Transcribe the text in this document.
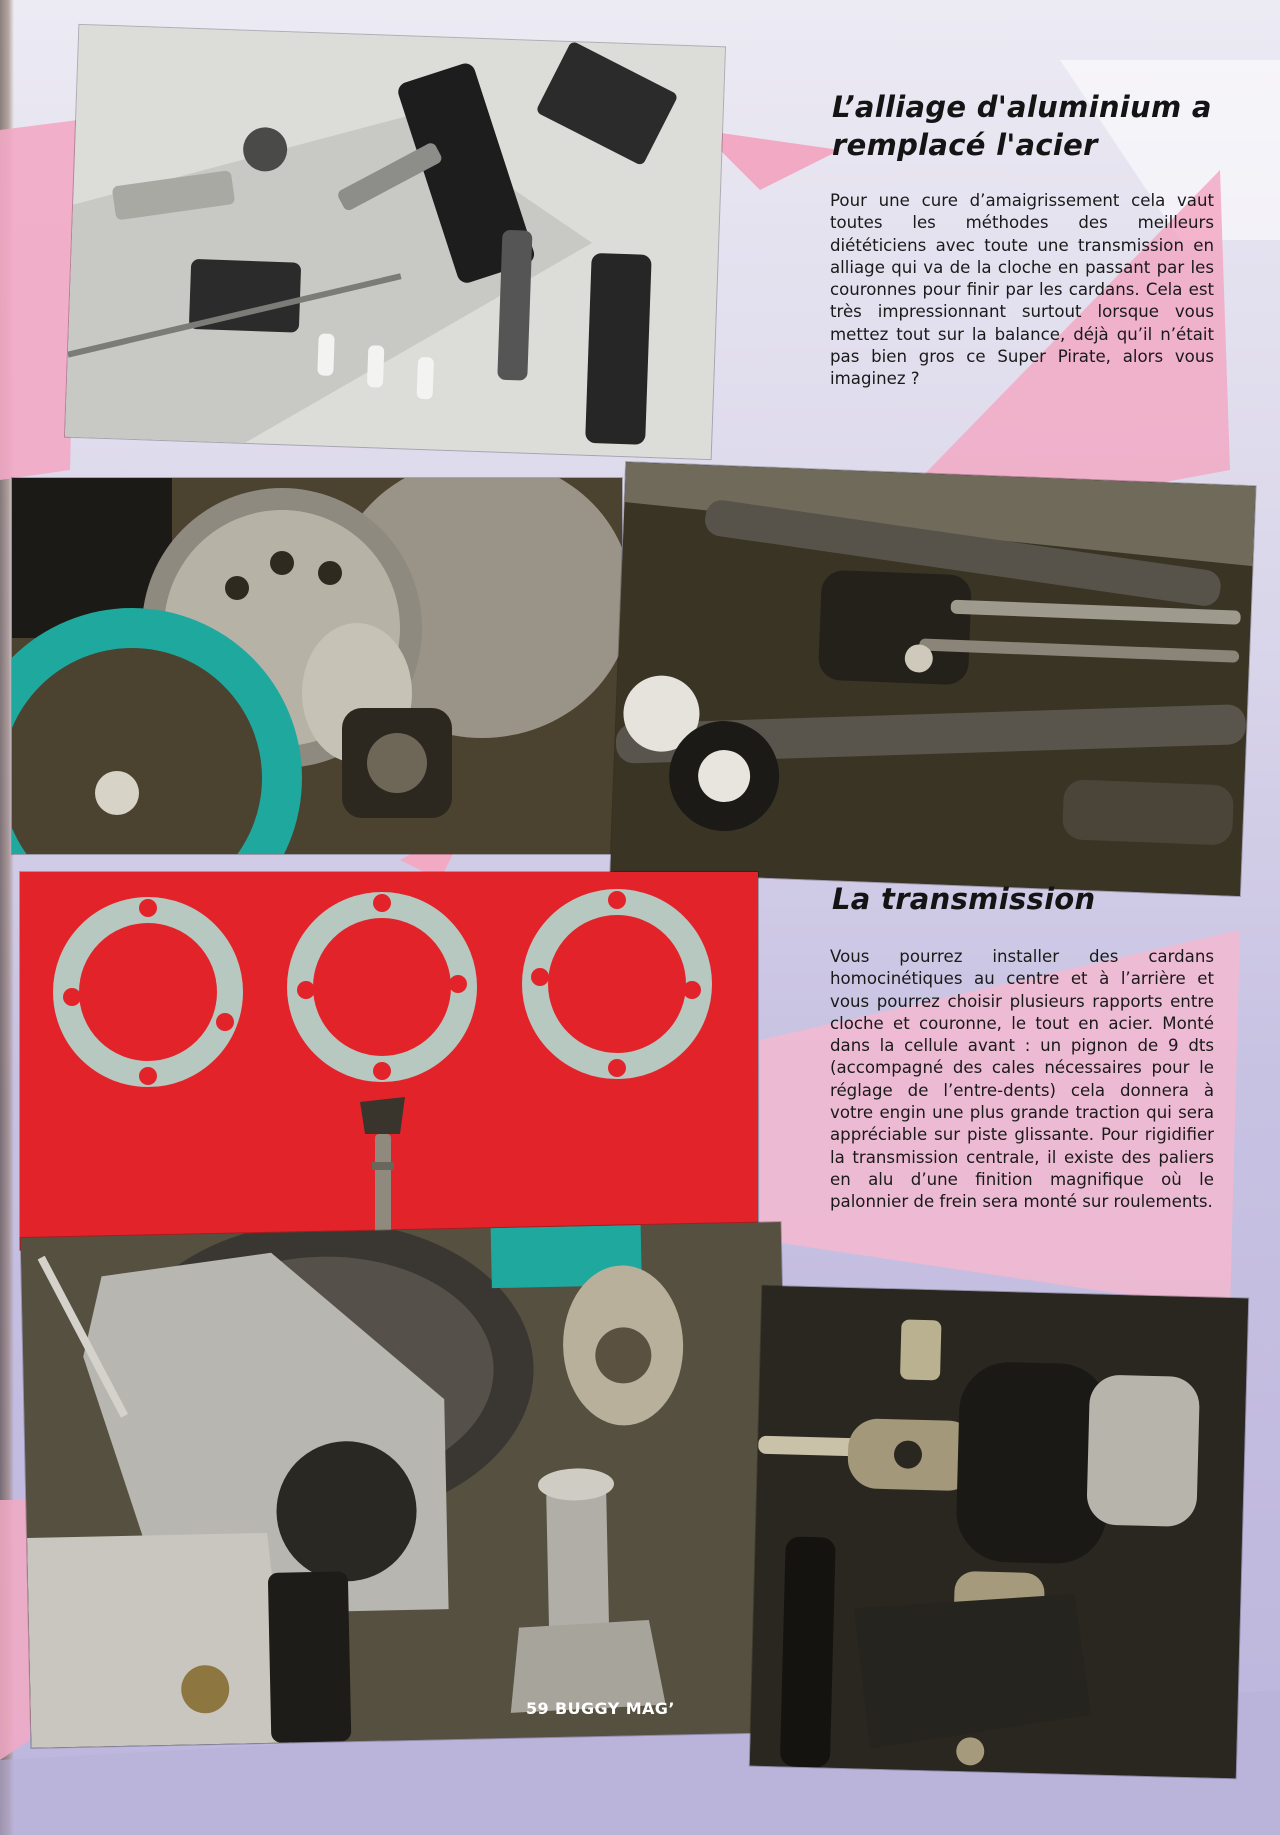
L’alliage d'aluminium a remplacé l'acier

Pour une cure d’amaigrissement cela vaut toutes les méthodes des meilleurs diététiciens avec toute une transmission en alliage qui va de la cloche en passant par les couronnes pour finir par les cardans. Cela est très impressionnant surtout lorsque vous mettez tout sur la balance, déjà qu’il n’était pas bien gros ce Super Pirate, alors vous imaginez ?

La transmission

Vous pourrez installer des cardans homocinétiques au centre et à l’arrière et vous pourrez choisir plusieurs rapports entre cloche et couronne, le tout en acier. Monté dans la cellule avant : un pignon de 9 dts (accompagné des cales nécessaires pour le réglage de l’entre-dents) cela donnera à votre engin une plus grande traction qui sera appréciable sur piste glissante. Pour rigidifier la transmission centrale, il existe des paliers en alu d’une finition magnifique où le palonnier de frein sera monté sur roulements.

59 BUGGY MAG’
